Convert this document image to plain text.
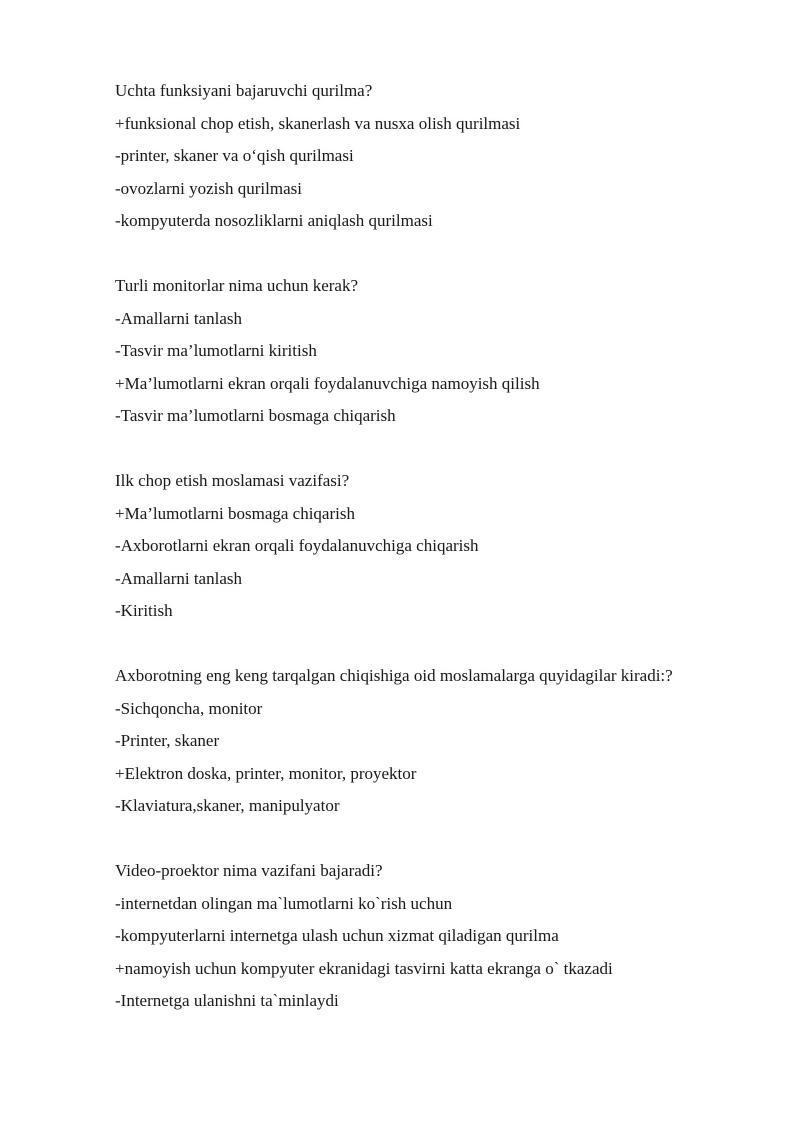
Uchta funksiyani bajaruvchi qurilma?
+funksional chop etish, skanerlash va nusxa olish qurilmasi
-printer, skaner va o‘qish qurilmasi
-ovozlarni yozish qurilmasi
-kompyuterda nosozliklarni aniqlash qurilmasi
Turli monitorlar nima uchun kerak?
-Amallarni tanlash
-Tasvir ma’lumotlarni kiritish
+Ma’lumotlarni ekran orqali foydalanuvchiga namoyish qilish
-Tasvir ma’lumotlarni bosmaga chiqarish
Ilk chop etish moslamasi vazifasi?
+Ma’lumotlarni bosmaga chiqarish
-Axborotlarni ekran orqali foydalanuvchiga chiqarish
-Amallarni tanlash
-Kiritish
Axborotning eng keng tarqalgan chiqishiga oid moslamalarga quyidagilar kiradi:?
-Sichqoncha, monitor
-Printer, skaner
+Elektron doska, printer, monitor, proyektor
-Klaviatura,skaner, manipulyator
Video-proektor nima vazifani bajaradi?
-internetdan olingan ma`lumotlarni ko`rish uchun
-kompyuterlarni internetga ulash uchun xizmat qiladigan qurilma
+namoyish uchun kompyuter ekranidagi tasvirni katta ekranga o` tkazadi
-Internetga ulanishni ta`minlaydi
